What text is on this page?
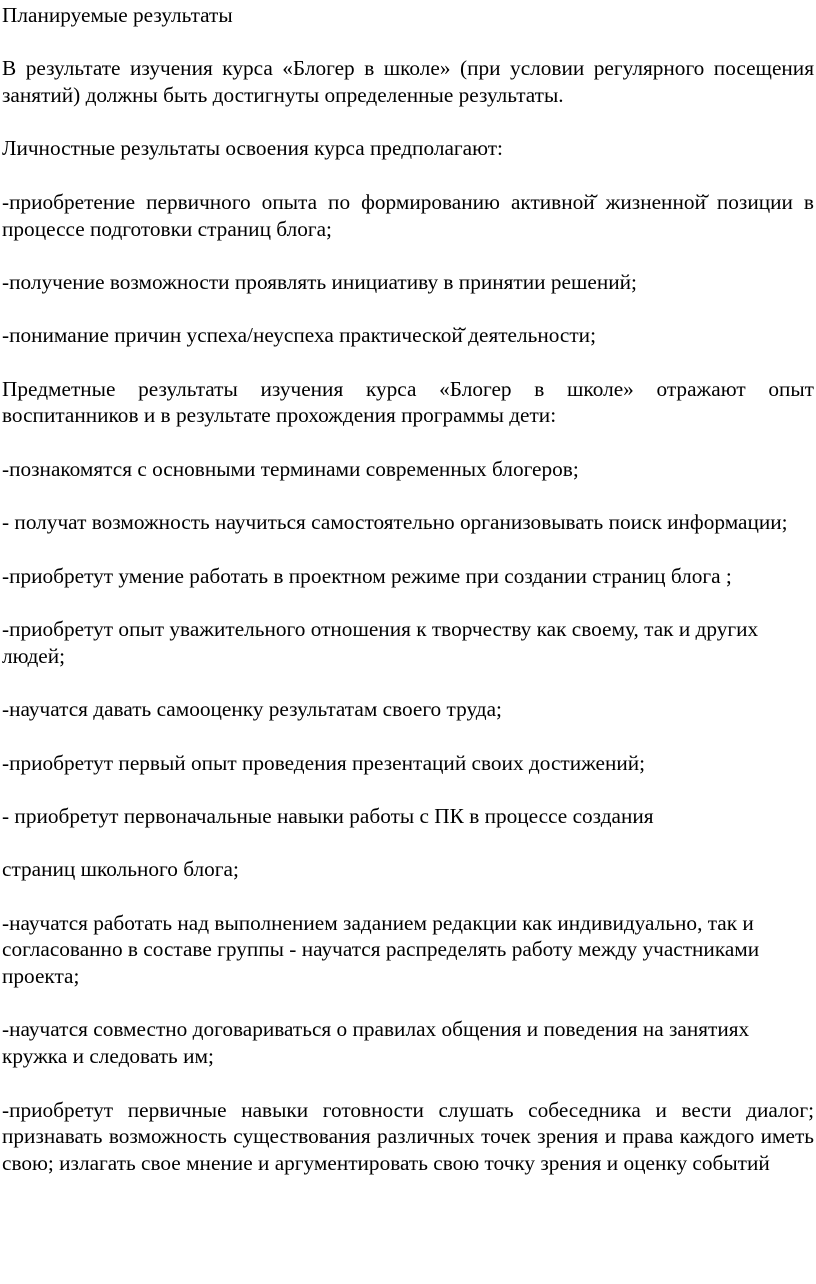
Планируемые результаты

В результате изучения курса «Блогер в школе» (при условии регулярного посещения занятий) должны быть достигнуты определенные результаты.

Личностные результаты освоения курса предполагают:

-приобретение первичного опыта по формированию активной̆ жизненной̆ позиции в процессе подготовки страниц блога;

-получение возможности проявлять инициативу в принятии решений;

-понимание причин успеха/неуспеха практической̆ деятельности;

Предметные результаты изучения курса «Блогер в школе» отражают опыт воспитанников и в результате прохождения программы дети:

-познакомятся с основными терминами современных блогеров;

- получат возможность научиться самостоятельно организовывать поиск информации;

-приобретут умение работать в проектном режиме при создании страниц блога ;

-приобретут опыт уважительного отношения к творчеству как своему, так и других людей;

-научатся давать самооценку результатам своего труда;

-приобретут первый опыт проведения презентаций своих достижений;

- приобретут первоначальные навыки работы с ПК в процессе создания

страниц школьного блога;

-научатся работать над выполнением заданием редакции как индивидуально, так и согласованно в составе группы - научатся распределять работу между участниками проекта;

-научатся совместно договариваться о правилах общения и поведения на занятиях кружка и следовать им;

-приобретут первичные навыки готовности слушать собеседника и вести диалог; признавать возможность существования различных точек зрения и права каждого иметь свою; излагать свое мнение и аргументировать свою точку зрения и оценку событий
